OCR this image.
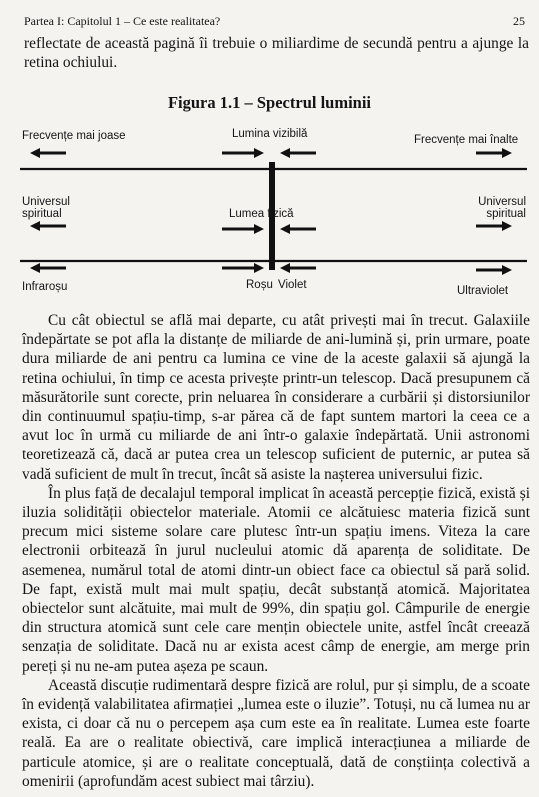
Partea I: Capitolul 1 – Ce este realitatea?	25
reflectate de această pagină îi trebuie o miliardime de secundă pentru a ajunge la retina ochiului.
Figura 1.1 – Spectrul luminii
Frecvențe mai joase	Lumina vizibilă	Frecvențe mai înalte
Universul spiritual	Lumea fizică
Universul spiritual
Infraroșu	Roșu Violet	Ultraviolet

Cu cât obiectul se află mai departe, cu atât privești mai în trecut. Galaxiile îndepărtate se pot afla la distanțe de miliarde de ani-lumină și, prin urmare, poate dura miliarde de ani pentru ca lumina ce vine de la aceste galaxii să ajungă la retina ochiului, în timp ce acesta privește printr-un telescop. Dacă presupunem că măsurătorile sunt corecte, prin neluarea în considerare a curbării și distorsiunilor din continuumul spațiu-timp, s-ar părea că de fapt suntem martori la ceea ce a avut loc în urmă cu miliarde de ani într-o galaxie îndepărtată. Unii astronomi teoretizează că, dacă ar putea crea un telescop suficient de puternic, ar putea să vadă suficient de mult în trecut, încât să asiste la nașterea universului fizic.

În plus față de decalajul temporal implicat în această percepție fizică, există și iluzia solidității obiectelor materiale. Atomii ce alcătuiesc materia fizică sunt precum mici sisteme solare care plutesc într-un spațiu imens. Viteza la care electronii orbitează în jurul nucleului atomic dă aparența de soliditate. De asemenea, numărul total de atomi dintr-un obiect face ca obiectul să pară solid. De fapt, există mult mai mult spațiu, decât substanță atomică. Majoritatea obiectelor sunt alcătuite, mai mult de 99%, din spațiu gol. Câmpurile de energie din structura atomică sunt cele care mențin obiectele unite, astfel încât creează senzația de soliditate. Dacă nu ar exista acest câmp de energie, am merge prin pereți și nu ne-am putea așeza pe scaun.

Această discuție rudimentară despre fizică are rolul, pur și simplu, de a scoate în evidență valabilitatea afirmației „lumea este o iluzie”. Totuși, nu că lumea nu ar exista, ci doar că nu o percepem așa cum este ea în realitate. Lumea este foarte reală. Ea are o realitate obiectivă, care implică interacțiunea a miliarde de particule atomice, și are o realitate conceptuală, dată de conștiința colectivă a omenirii (aprofundăm acest subiect mai târziu).
